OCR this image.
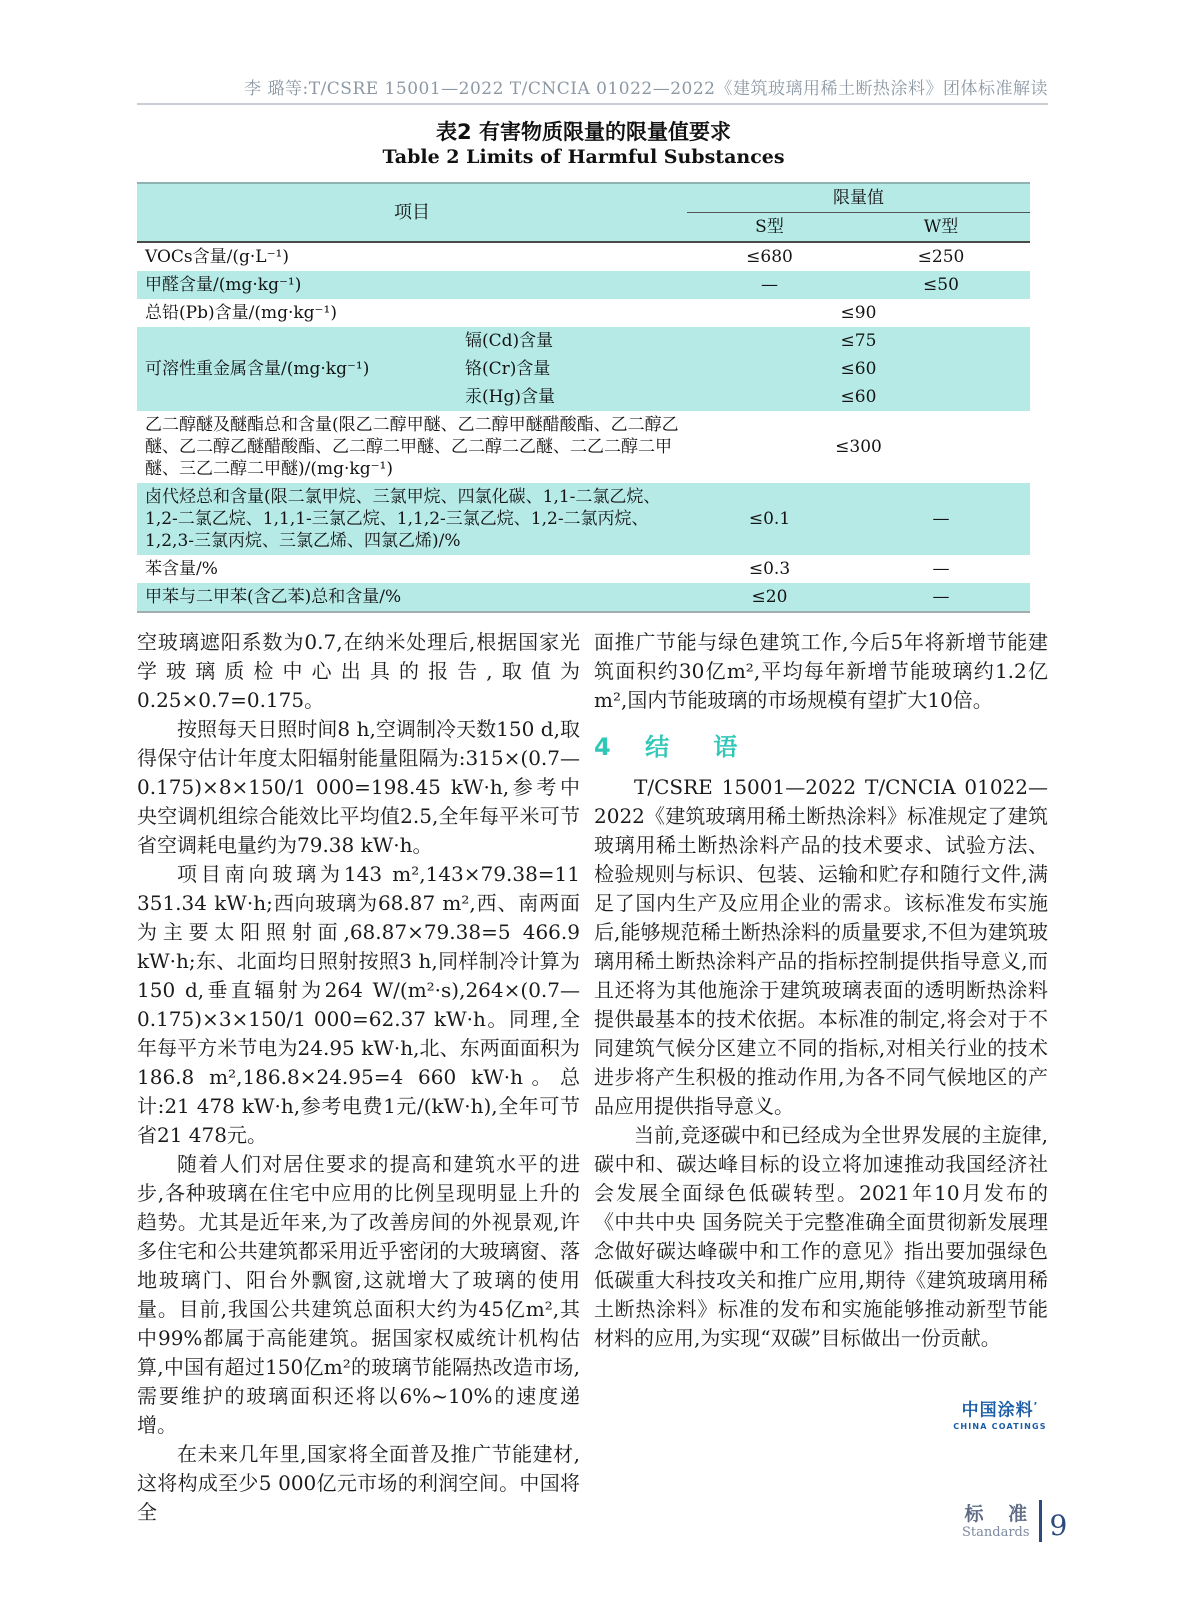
李 璐等:T/CSRE 15001—2022 T/CNCIA 01022—2022《建筑玻璃用稀土断热涂料》团体标准解读
表2 有害物质限量的限量值要求
Table 2 Limits of Harmful Substances
项目		限量值	
		S型	W型
VOCs含量/(g·L⁻¹)		≤680	≤250
甲醛含量/(mg·kg⁻¹)		—	≤50
总铅(Pb)含量/(mg·kg⁻¹)		≤90	
可溶性重金属含量/(mg·kg⁻¹)	镉(Cd)含量	≤75	
	铬(Cr)含量	≤60	
	汞(Hg)含量	≤60	
乙二醇醚及醚酯总和含量(限乙二醇甲醚、乙二醇甲醚醋酸酯、乙二醇乙醚、乙二醇乙醚醋酸酯、乙二醇二甲醚、乙二醇二乙醚、二乙二醇二甲醚、三乙二醇二甲醚)/(mg·kg⁻¹)		≤300	
卤代烃总和含量(限二氯甲烷、三氯甲烷、四氯化碳、1,1-二氯乙烷、1,2-二氯乙烷、1,1,1-三氯乙烷、1,1,2-三氯乙烷、1,2-二氯丙烷、1,2,3-三氯丙烷、三氯乙烯、四氯乙烯)/%		≤0.1	—
苯含量/%		≤0.3	—
甲苯与二甲苯(含乙苯)总和含量/%		≤20	—

空玻璃遮阳系数为0.7,在纳米处理后,根据国家光学玻璃质检中心出具的报告,取值为0.25×0.7=0.175。

按照每天日照时间8 h,空调制冷天数150 d,取得保守估计年度太阳辐射能量阻隔为:315×(0.7—0.175)×8×150/1 000=198.45 kW·h,参考中央空调机组综合能效比平均值2.5,全年每平米可节省空调耗电量约为79.38 kW·h。

项目南向玻璃为143 m²,143×79.38=11 351.34 kW·h;西向玻璃为68.87 m²,西、南两面为主要太阳照射面,68.87×79.38=5 466.9 kW·h;东、北面均日照射按照3 h,同样制冷计算为150 d,垂直辐射为264 W/(m²·s),264×(0.7—0.175)×3×150/1 000=62.37 kW·h。同理,全年每平方米节电为24.95 kW·h,北、东两面面积为186.8 m²,186.8×24.95=4 660 kW·h。总计:21 478 kW·h,参考电费1元/(kW·h),全年可节省21 478元。

随着人们对居住要求的提高和建筑水平的进步,各种玻璃在住宅中应用的比例呈现明显上升的趋势。尤其是近年来,为了改善房间的外视景观,许多住宅和公共建筑都采用近乎密闭的大玻璃窗、落地玻璃门、阳台外飘窗,这就增大了玻璃的使用量。目前,我国公共建筑总面积大约为45亿m²,其中99%都属于高能建筑。据国家权威统计机构估算,中国有超过150亿m²的玻璃节能隔热改造市场,需要维护的玻璃面积还将以6%~10%的速度递增。

在未来几年里,国家将全面普及推广节能建材,这将构成至少5 000亿元市场的利润空间。中国将全

面推广节能与绿色建筑工作,今后5年将新增节能建筑面积约30亿m²,平均每年新增节能玻璃约1.2亿m²,国内节能玻璃的市场规模有望扩大10倍。

4 结 语

T/CSRE 15001—2022 T/CNCIA 01022—2022《建筑玻璃用稀土断热涂料》标准规定了建筑玻璃用稀土断热涂料产品的技术要求、试验方法、检验规则与标识、包装、运输和贮存和随行文件,满足了国内生产及应用企业的需求。该标准发布实施后,能够规范稀土断热涂料的质量要求,不但为建筑玻璃用稀土断热涂料产品的指标控制提供指导意义,而且还将为其他施涂于建筑玻璃表面的透明断热涂料提供最基本的技术依据。本标准的制定,将会对于不同建筑气候分区建立不同的指标,对相关行业的技术进步将产生积极的推动作用,为各不同气候地区的产品应用提供指导意义。

当前,竞逐碳中和已经成为全世界发展的主旋律,碳中和、碳达峰目标的设立将加速推动我国经济社会发展全面绿色低碳转型。2021年10月发布的《中共中央 国务院关于完整准确全面贯彻新发展理念做好碳达峰碳中和工作的意见》指出要加强绿色低碳重大科技攻关和推广应用,期待《建筑玻璃用稀土断热涂料》标准的发布和实施能够推动新型节能材料的应用,为实现“双碳”目标做出一份贡献。

中国涂料’
CHINA COATINGS
标 准
Standards 9
